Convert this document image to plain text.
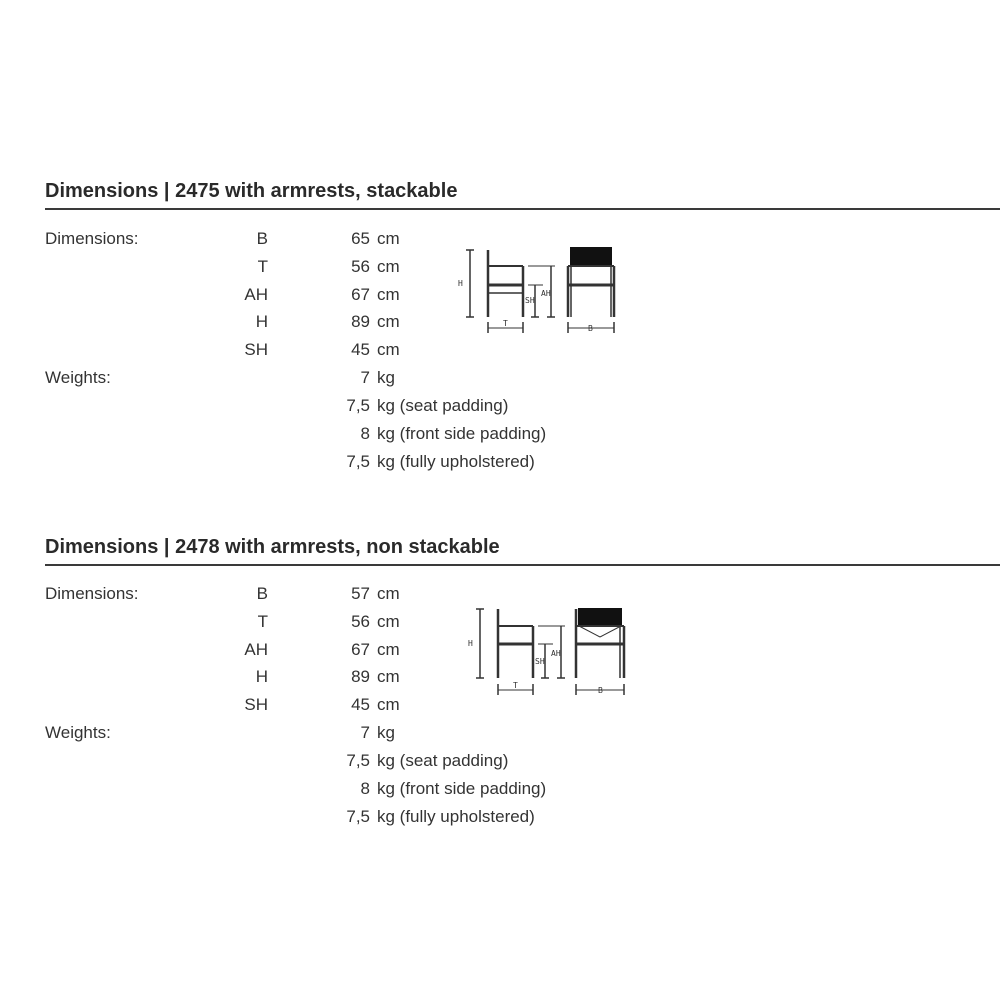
Dimensions | 2475 with armrests, stackable
Dimensions:	B	65 cm
T	56 cm
AH	67 cm
H	89 cm
SH	45 cm
Weights:	7 kg
7,5 kg (seat padding)
8 kg (front side padding)
7,5 kg (fully upholstered)
H
SH
AH
T
B
Dimensions | 2478 with armrests, non stackable
Dimensions:	B	57 cm
T	56 cm
AH	67 cm
H	89 cm
SH	45 cm
Weights:	7 kg
7,5 kg (seat padding)
8 kg (front side padding)
7,5 kg (fully upholstered)
H
SH
AH
T
B
